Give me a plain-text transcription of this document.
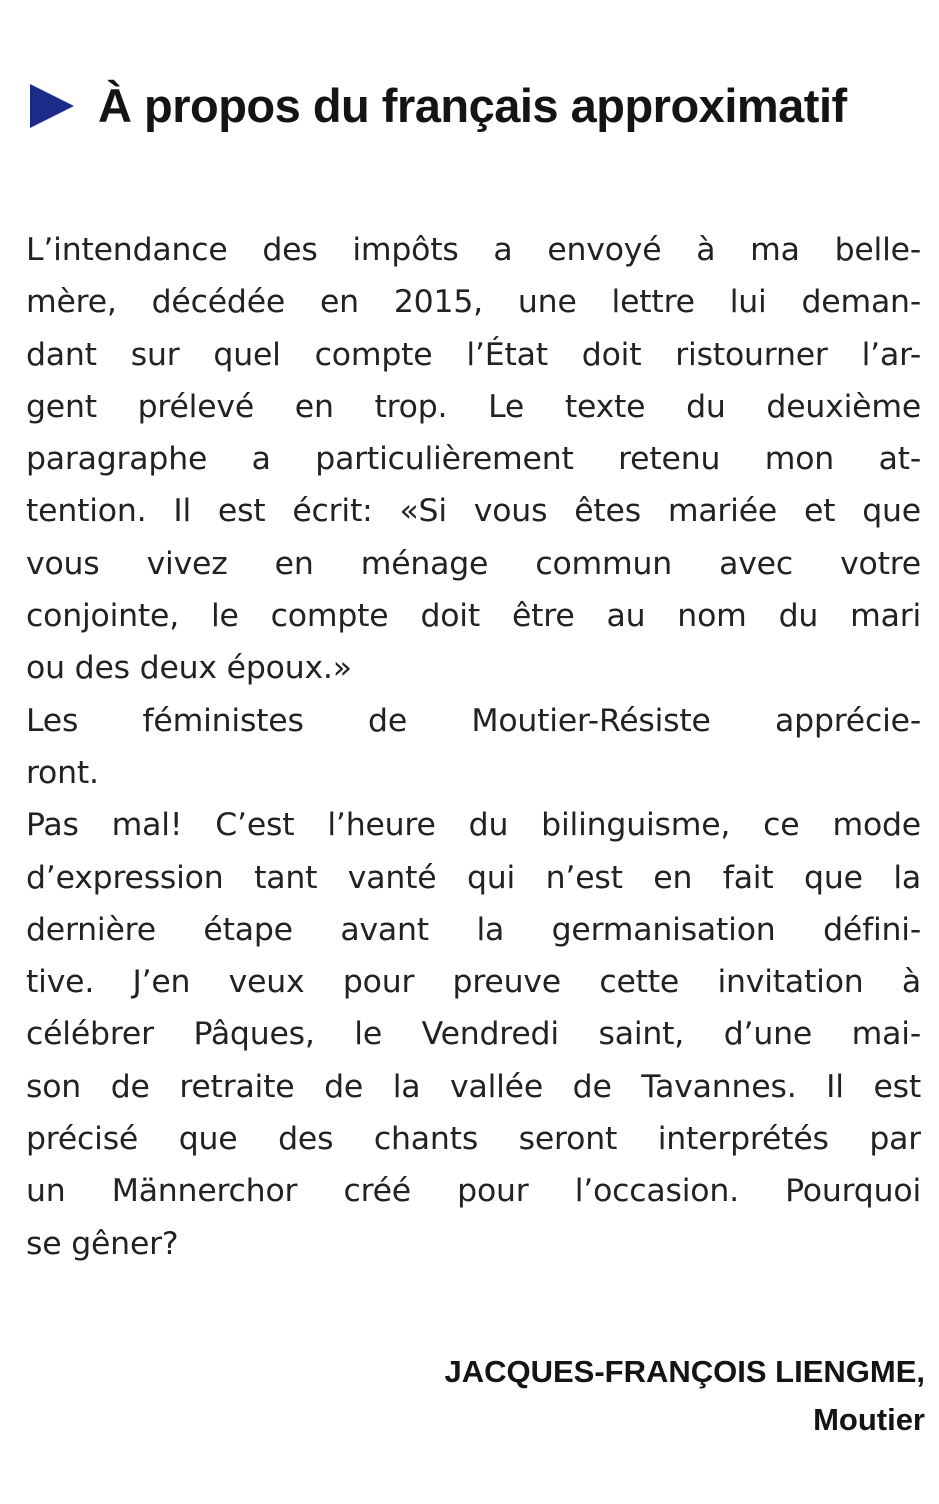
À propos du français approximatif
L’intendance des impôts a envoyé à ma belle-
mère, décédée en 2015, une lettre lui deman-
dant sur quel compte l’État doit ristourner l’ar-
gent prélevé en trop. Le texte du deuxième
paragraphe a particulièrement retenu mon at-
tention. Il est écrit: «Si vous êtes mariée et que
vous vivez en ménage commun avec votre
conjointe, le compte doit être au nom du mari
ou des deux époux.»
Les féministes de Moutier-Résiste apprécie-
ront.
Pas mal! C’est l’heure du bilinguisme, ce mode
d’expression tant vanté qui n’est en fait que la
dernière étape avant la germanisation défini-
tive. J’en veux pour preuve cette invitation à
célébrer Pâques, le Vendredi saint, d’une mai-
son de retraite de la vallée de Tavannes. Il est
précisé que des chants seront interprétés par
un Männerchor créé pour l’occasion. Pourquoi
se gêner?
JACQUES-FRANÇOIS LIENGME,
Moutier
